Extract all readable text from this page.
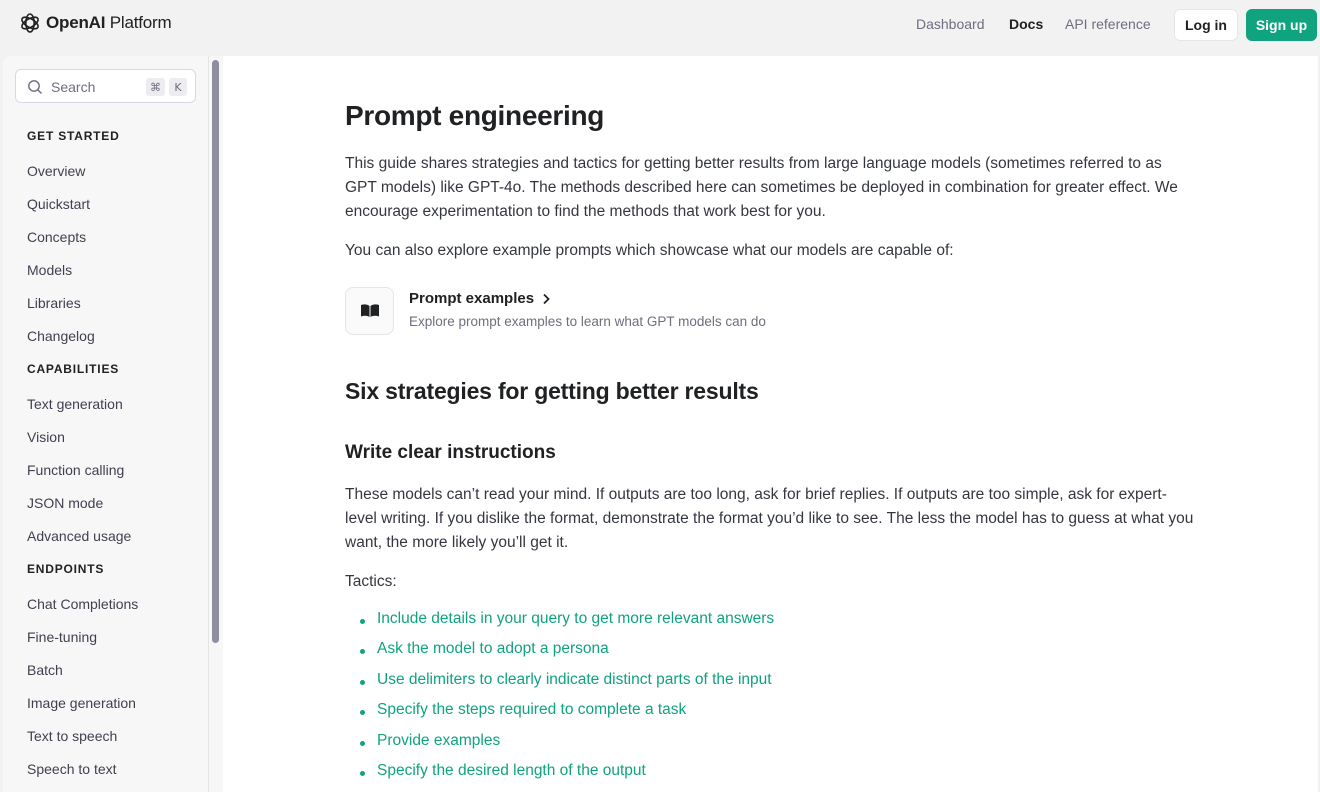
OpenAI Platform	Dashboard Docs API reference	Log in	Sign up
Search	⌘	K
GET STARTED
Overview
Quickstart
Concepts
Models
Libraries
Changelog
CAPABILITIES
Text generation
Vision
Function calling
JSON mode
Advanced usage
ENDPOINTS
Chat Completions
Fine-tuning
Batch
Image generation
Text to speech
Speech to text
Prompt engineering

This guide shares strategies and tactics for getting better results from large language models (sometimes referred to as GPT models) like GPT-4o. The methods described here can sometimes be deployed in combination for greater effect. We encourage experimentation to find the methods that work best for you.

You can also explore example prompts which showcase what our models are capable of:

Prompt examples
Explore prompt examples to learn what GPT models can do
Six strategies for getting better results
Write clear instructions

These models can’t read your mind. If outputs are too long, ask for brief replies. If outputs are too simple, ask for expert-level writing. If you dislike the format, demonstrate the format you’d like to see. The less the model has to guess at what you want, the more likely you’ll get it.

Tactics:

Include details in your query to get more relevant answers
Ask the model to adopt a persona
Use delimiters to clearly indicate distinct parts of the input
Specify the steps required to complete a task
Provide examples
Specify the desired length of the output
